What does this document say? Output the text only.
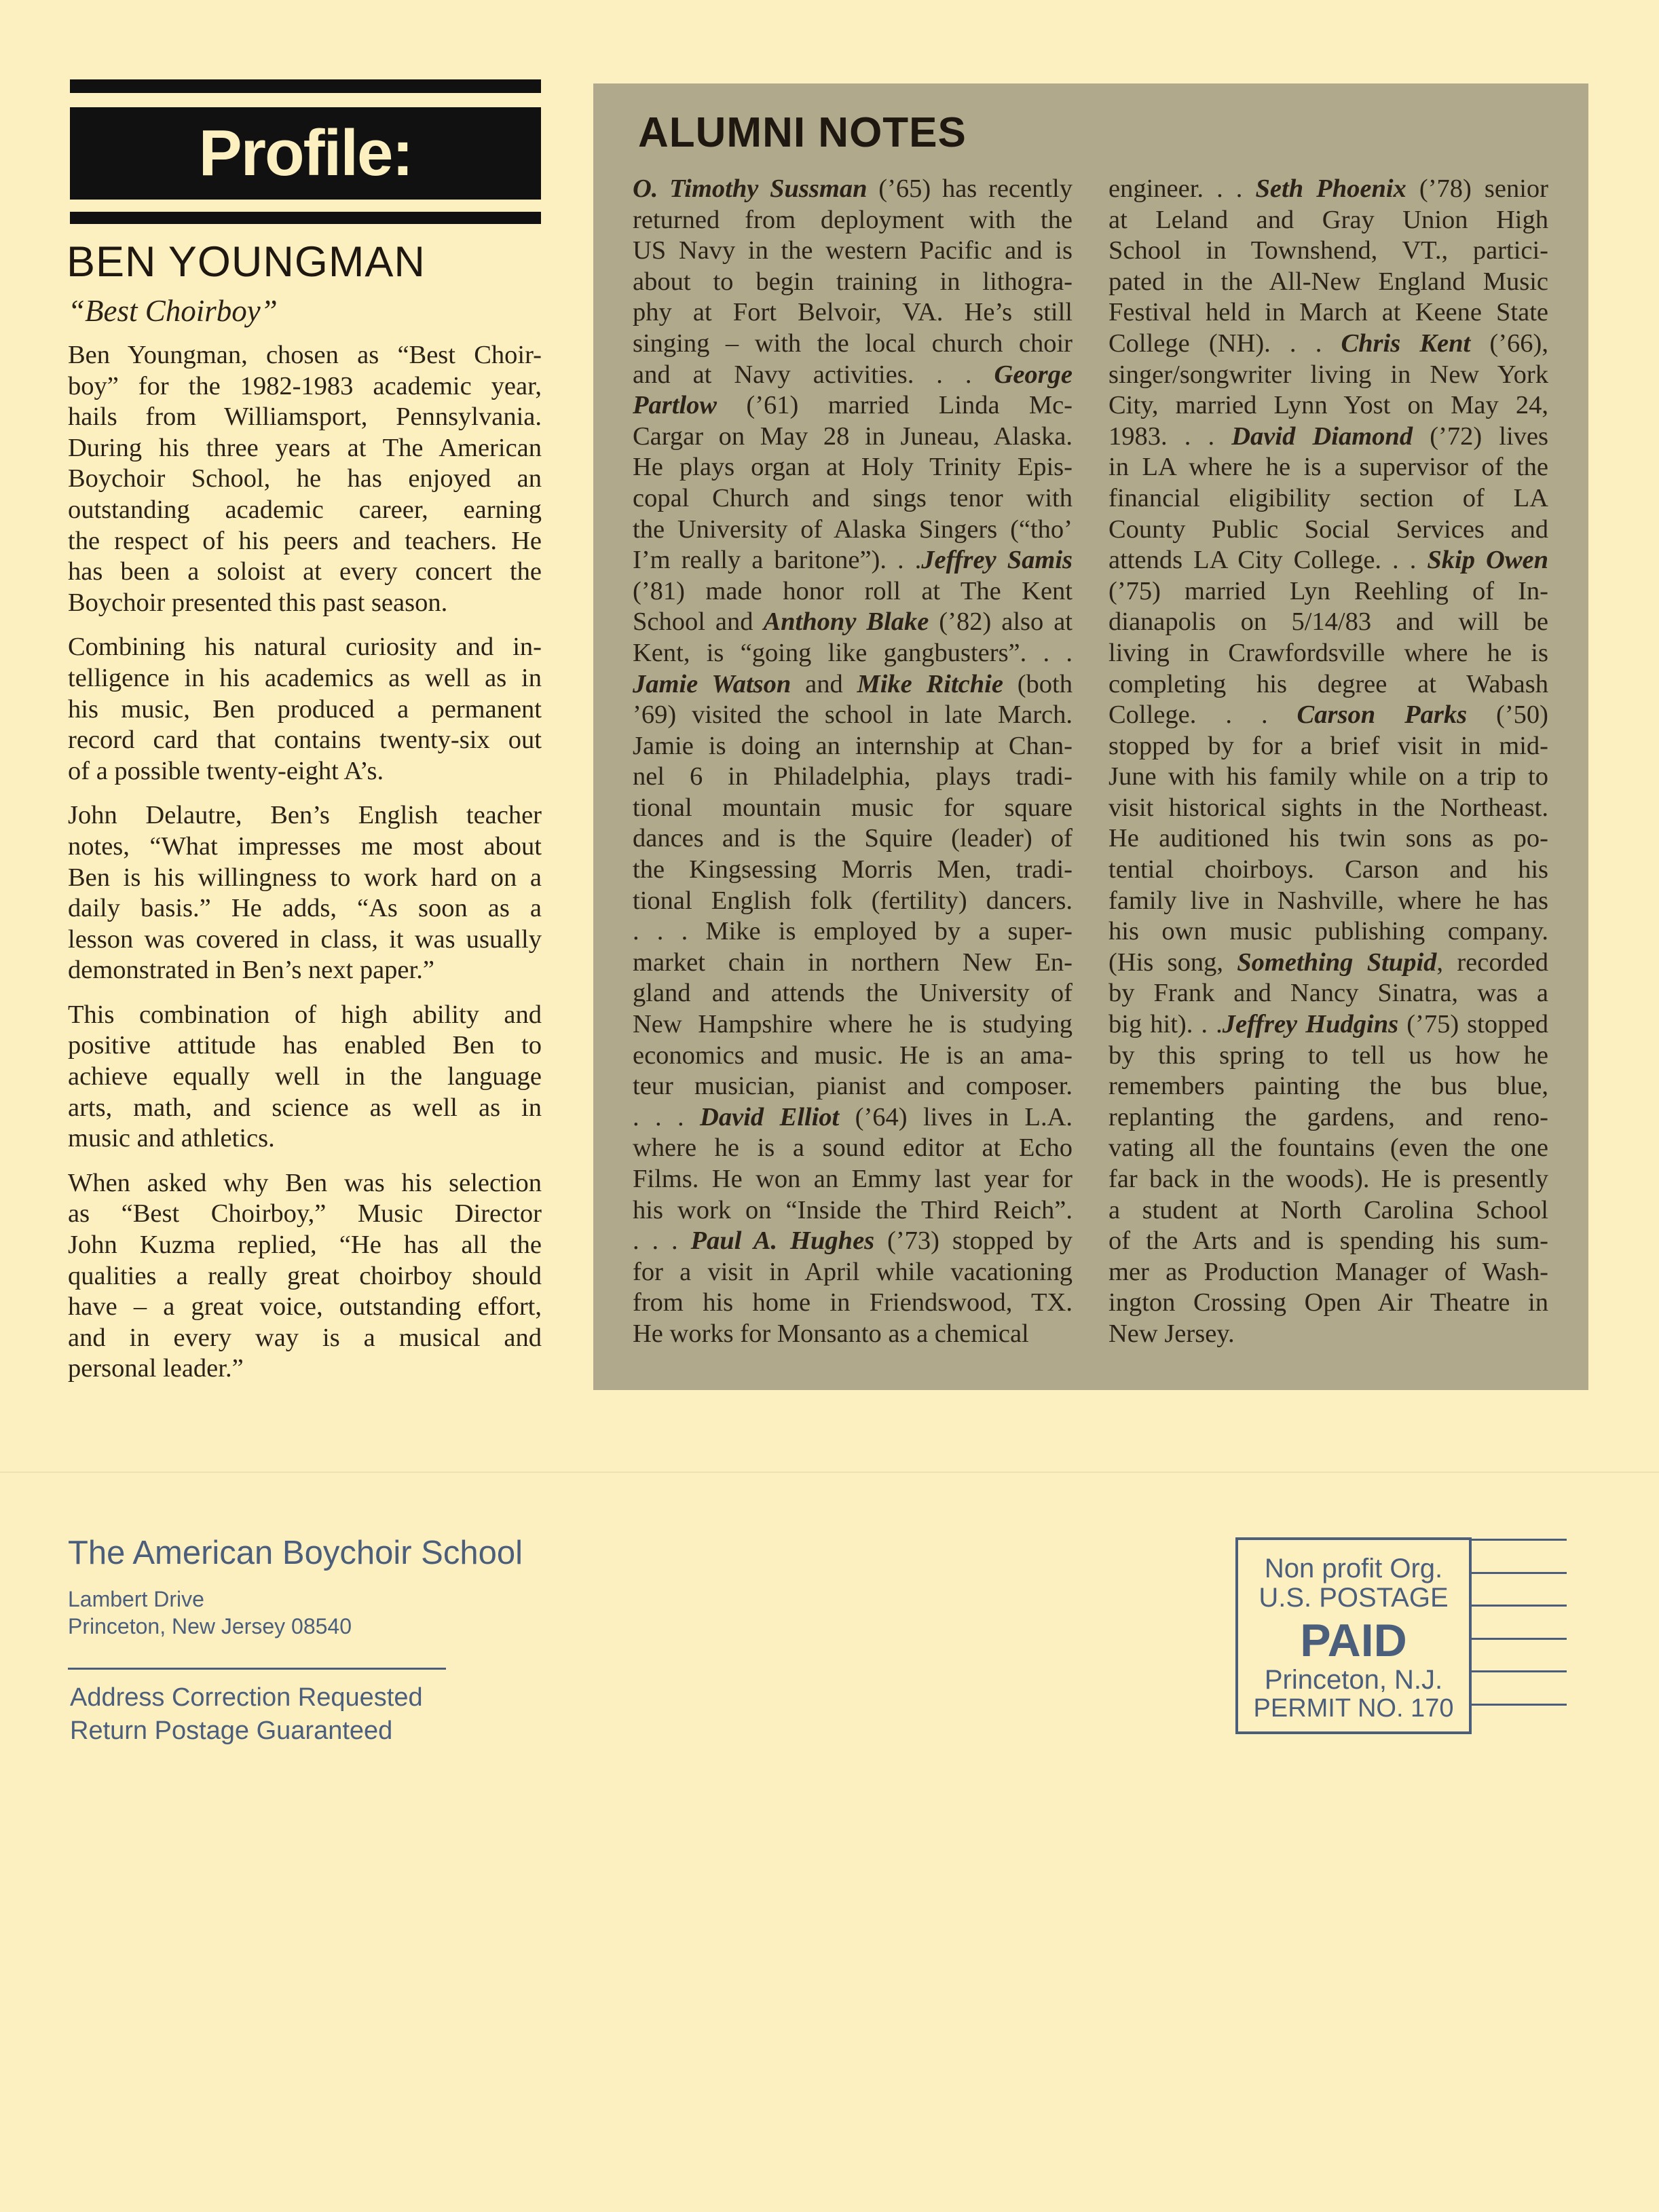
Profile:
BEN YOUNGMAN
“Best Choirboy”

Ben Youngman, chosen as “Best Choir-
boy” for the 1982-1983 academic year,
hails from Williamsport, Pennsylvania.
During his three years at The American
Boychoir School, he has enjoyed an
outstanding academic career, earning
the respect of his peers and teachers. He
has been a soloist at every concert the
Boychoir presented this past season.

Combining his natural curiosity and in-
telligence in his academics as well as in
his music, Ben produced a permanent
record card that contains twenty-six out
of a possible twenty-eight A’s.

John Delautre, Ben’s English teacher
notes, “What impresses me most about
Ben is his willingness to work hard on a
daily basis.” He adds, “As soon as a
lesson was covered in class, it was usually
demonstrated in Ben’s next paper.”

This combination of high ability and
positive attitude has enabled Ben to
achieve equally well in the language
arts, math, and science as well as in
music and athletics.

When asked why Ben was his selection
as “Best Choirboy,” Music Director
John Kuzma replied, “He has all the
qualities a really great choirboy should
have – a great voice, outstanding effort,
and in every way is a musical and
personal leader.”

ALUMNI NOTES
O. Timothy Sussman (’65) has recently
returned from deployment with the
US Navy in the western Pacific and is
about to begin training in lithogra-
phy at Fort Belvoir, VA. He’s still
singing – with the local church choir
and at Navy activities. . . George
Partlow (’61) married Linda Mc-
Cargar on May 28 in Juneau, Alaska.
He plays organ at Holy Trinity Epis-
copal Church and sings tenor with
the University of Alaska Singers (“tho’
I’m really a baritone”). . .Jeffrey Samis
(’81) made honor roll at The Kent
School and Anthony Blake (’82) also at
Kent, is “going like gangbusters”. . .
Jamie Watson and Mike Ritchie (both
’69) visited the school in late March.
Jamie is doing an internship at Chan-
nel 6 in Philadelphia, plays tradi-
tional mountain music for square
dances and is the Squire (leader) of
the Kingsessing Morris Men, tradi-
tional English folk (fertility) dancers.
. . . Mike is employed by a super-
market chain in northern New En-
gland and attends the University of
New Hampshire where he is studying
economics and music. He is an ama-
teur musician, pianist and composer.
. . . David Elliot (’64) lives in L.A.
where he is a sound editor at Echo
Films. He won an Emmy last year for
his work on “Inside the Third Reich”.
. . . Paul A. Hughes (’73) stopped by
for a visit in April while vacationing
from his home in Friendswood, TX.
He works for Monsanto as a chemical
engineer. . . Seth Phoenix (’78) senior
at Leland and Gray Union High
School in Townshend, VT., partici-
pated in the All-New England Music
Festival held in March at Keene State
College (NH). . . Chris Kent (’66),
singer/songwriter living in New York
City, married Lynn Yost on May 24,
1983. . . David Diamond (’72) lives
in LA where he is a supervisor of the
financial eligibility section of LA
County Public Social Services and
attends LA City College. . . Skip Owen
(’75) married Lyn Reehling of In-
dianapolis on 5/14/83 and will be
living in Crawfordsville where he is
completing his degree at Wabash
College. . . Carson Parks (’50)
stopped by for a brief visit in mid-
June with his family while on a trip to
visit historical sights in the Northeast.
He auditioned his twin sons as po-
tential choirboys. Carson and his
family live in Nashville, where he has
his own music publishing company.
(His song, Something Stupid, recorded
by Frank and Nancy Sinatra, was a
big hit). . .Jeffrey Hudgins (’75) stopped
by this spring to tell us how he
remembers painting the bus blue,
replanting the gardens, and reno-
vating all the fountains (even the one
far back in the woods). He is presently
a student at North Carolina School
of the Arts and is spending his sum-
mer as Production Manager of Wash-
ington Crossing Open Air Theatre in
New Jersey.
The American Boychoir School
Lambert Drive
Princeton, New Jersey 08540
Address Correction Requested
Return Postage Guaranteed
Non profit Org.
U.S. POSTAGE
PAID
Princeton, N.J.
PERMIT NO. 170
